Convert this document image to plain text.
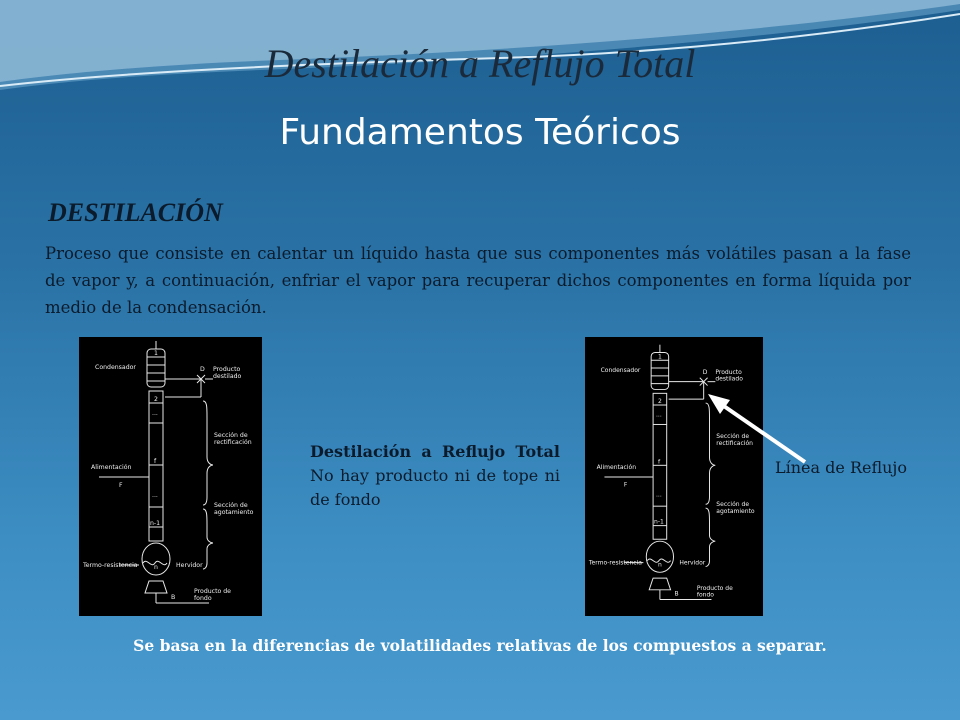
Destilación a Reflujo Total
Fundamentos Teóricos
DESTILACIÓN
Proceso que consiste en calentar un líquido hasta que sus componentes más volátiles pasan a la fase de vapor y, a continuación, enfriar el vapor para recuperar dichos componentes en forma líquida por medio de la condensación.
Condensador	D Producto
destilado
Sección de
rectificación
Alimentación
F
Sección de
agotamiento
Termo-resistencia	Hervidor
B
Producto de
fondo
1
2
...
f
...
n-1
n
Destilación a Reflujo Total No hay producto ni de tope ni de fondo
Condensador	D Producto
destilado
Sección de
rectificación
Alimentación
F
Sección de
agotamiento
Termo-resistencia	Hervidor
B
Producto de
fondo
1
2
...
f
...
n-1
n
Línea de Reflujo
Se basa en la diferencias de volatilidades relativas de los compuestos a separar.
